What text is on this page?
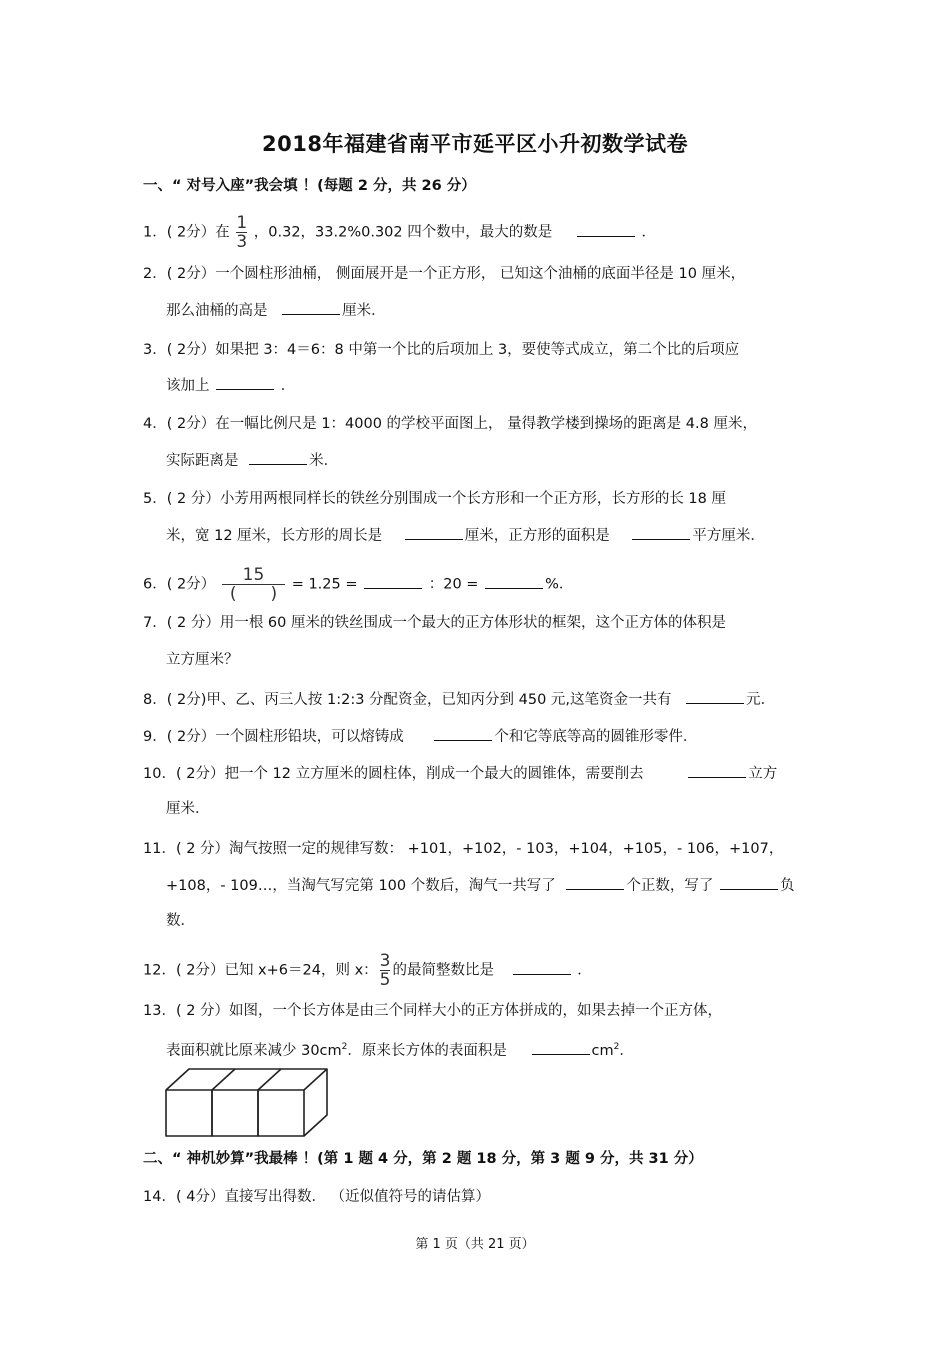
2018年福建省南平市延平区小升初数学试卷
一、“ 对号入座”我会填 ！(每题 2 分，共 26 分）
1．( 2分）在 $\frac{1}{3}$ ，0.32，33.2%0.302 四个数中，最大的数是	．
2．( 2分）一个圆柱形油桶， 侧面展开是一个正方形， 已知这个油桶的底面半径是 10 厘米，
那么油桶的高是	厘米．
3．( 2分）如果把 3：4＝6：8 中第一个比的后项加上 3，要使等式成立，第二个比的后项应
该加上	．
4．( 2分）在一幅比例尺是 1：4000 的学校平面图上， 量得教学楼到操场的距离是 4.8 厘米，
实际距离是	米．
5．( 2 分）小芳用两根同样长的铁丝分别围成一个长方形和一个正方形，长方形的长 18 厘
米，宽 12 厘米，长方形的周长是	厘米，正方形的面积是	平方厘米．
6．( 2分） $\frac{15}{( )} = 1.25$ =	：20 =	%．
7．( 2 分）用一根 60 厘米的铁丝围成一个最大的正方体形状的框架，这个正方体的体积是
立方厘米？
8．( 2分)甲、乙、丙三人按 1:2:3 分配资金，已知丙分到 450 元,这笔资金一共有	元．
9．( 2分）一个圆柱形铅块，可以熔铸成	个和它等底等高的圆锥形零件．
10．( 2分）把一个 12 立方厘米的圆柱体，削成一个最大的圆锥体，需要削去	立方
厘米．
11．( 2 分）淘气按照一定的规律写数： +101，+102，- 103，+104，+105，- 106，+107，
+108，- 109…，当淘气写完第 100 个数后，淘气一共写了	个正数，写了	负
数．
12．( 2分）已知 x+6＝24，则 x： $\frac{3}{5}$ 的最简整数比是	．
13．( 2 分）如图，一个长方体是由三个同样大小的正方体拼成的，如果去掉一个正方体，
表面积就比原来减少 $30cm^2$．原来长方体的表面积是	$cm^2$．
二、“ 神机妙算”我最棒 ！(第 1 题 4 分，第 2 题 18 分，第 3 题 9 分，共 31 分）
14．( 4分）直接写出得数． （近似值符号的请估算）
第 1 页（共 21 页）
